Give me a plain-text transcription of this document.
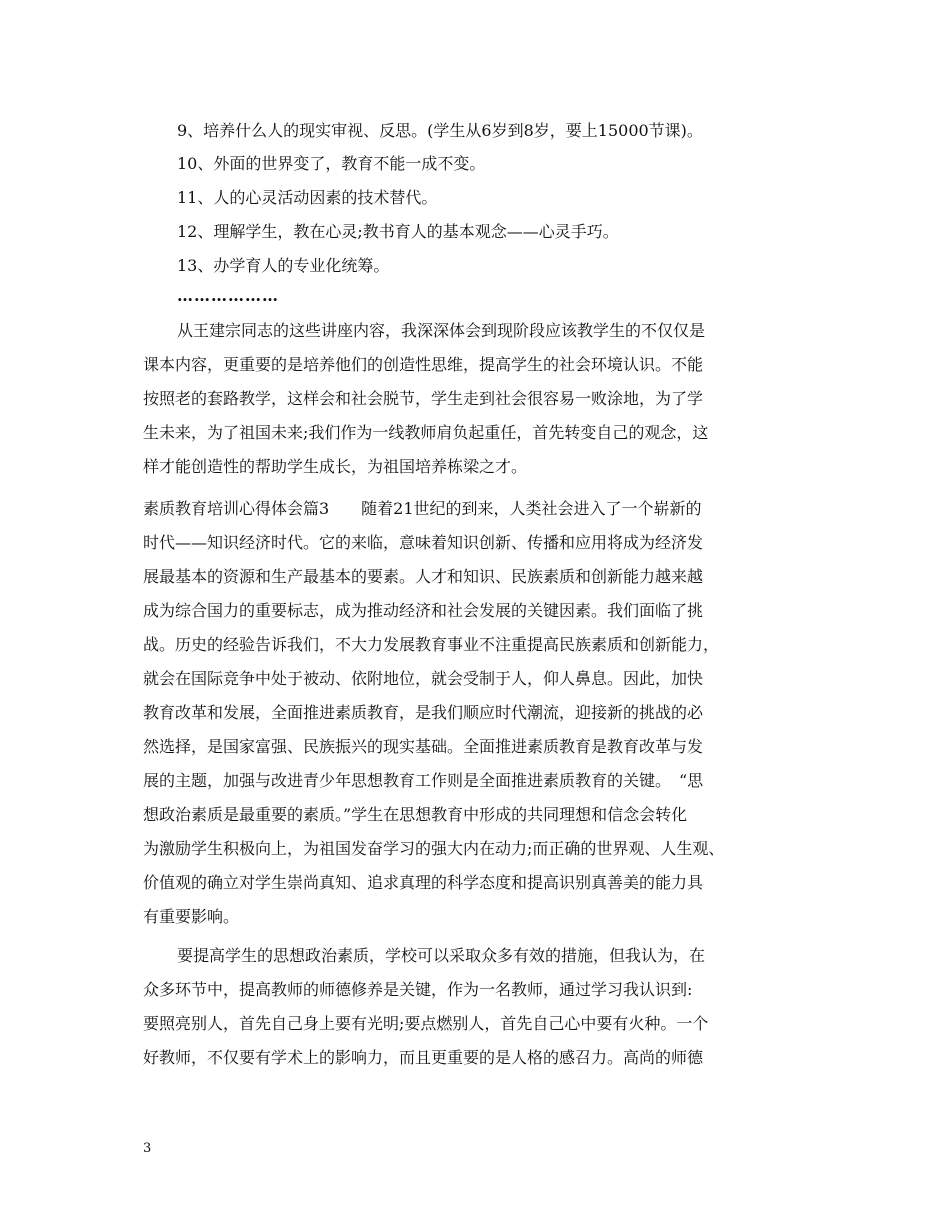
9、培养什么人的现实审视、反思。(学生从6岁到8岁，要上15000节课)。
10、外面的世界变了，教育不能一成不变。
11、人的心灵活动因素的技术替代。
12、理解学生，教在心灵;教书育人的基本观念——心灵手巧。
13、办学育人的专业化统筹。
………………
从王建宗同志的这些讲座内容，我深深体会到现阶段应该教学生的不仅仅是
课本内容，更重要的是培养他们的创造性思维，提高学生的社会环境认识。不能
按照老的套路教学，这样会和社会脱节，学生走到社会很容易一败涂地，为了学
生未来，为了祖国未来;我们作为一线教师肩负起重任，首先转变自己的观念，这
样才能创造性的帮助学生成长，为祖国培养栋梁之才。
素质教育培训心得体会篇3　　随着21世纪的到来，人类社会进入了一个崭新的
时代——知识经济时代。它的来临，意味着知识创新、传播和应用将成为经济发
展最基本的资源和生产最基本的要素。人才和知识、民族素质和创新能力越来越
成为综合国力的重要标志，成为推动经济和社会发展的关键因素。我们面临了挑
战。历史的经验告诉我们，不大力发展教育事业不注重提高民族素质和创新能力，
就会在国际竞争中处于被动、依附地位，就会受制于人，仰人鼻息。因此，加快
教育改革和发展，全面推进素质教育，是我们顺应时代潮流，迎接新的挑战的必
然选择，是国家富强、民族振兴的现实基础。全面推进素质教育是教育改革与发
展的主题，加强与改进青少年思想教育工作则是全面推进素质教育的关键。　“思
想政治素质是最重要的素质。”学生在思想教育中形成的共同理想和信念会转化
为激励学生积极向上，为祖国发奋学习的强大内在动力;而正确的世界观、人生观、
价值观的确立对学生崇尚真知、追求真理的科学态度和提高识别真善美的能力具
有重要影响。
要提高学生的思想政治素质，学校可以采取众多有效的措施，但我认为，在
众多环节中，提高教师的师德修养是关键，作为一名教师，通过学习我认识到:
要照亮别人，首先自己身上要有光明;要点燃别人，首先自己心中要有火种。一个
好教师，不仅要有学术上的影响力，而且更重要的是人格的感召力。高尚的师德
3
